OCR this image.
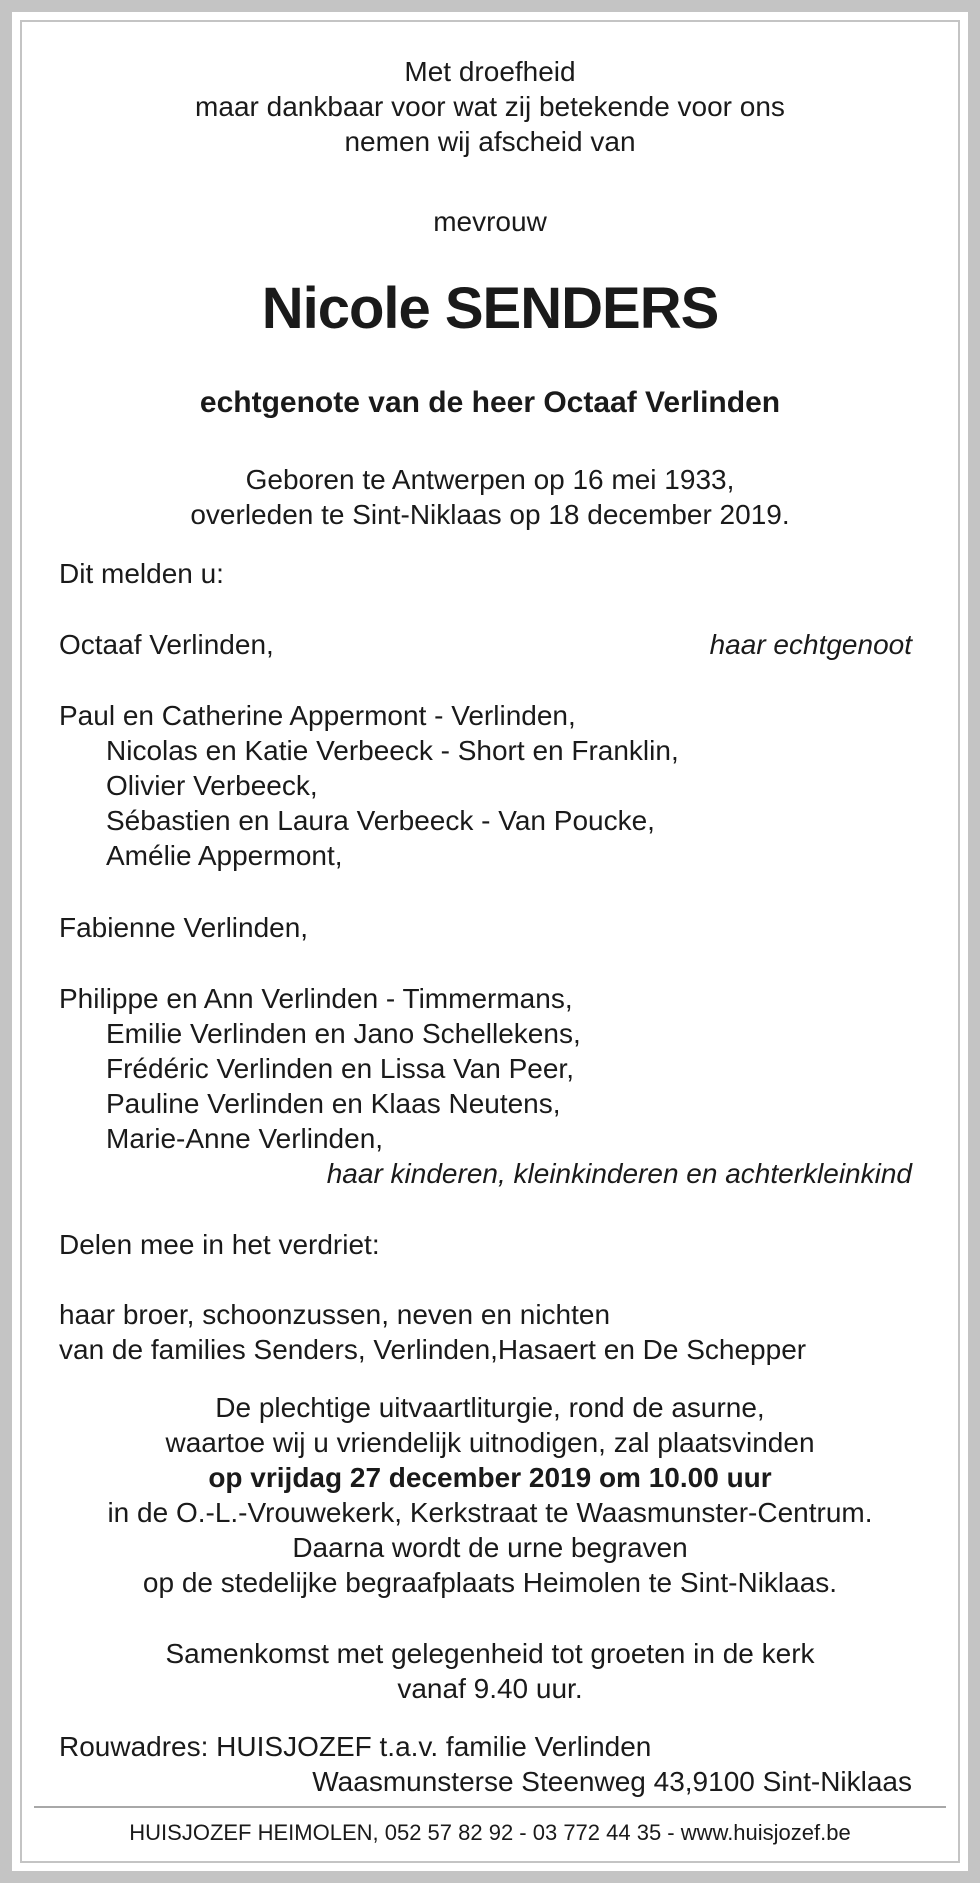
Met droefheid
maar dankbaar voor wat zij betekende voor ons
nemen wij afscheid van
mevrouw
Nicole SENDERS
echtgenote van de heer Octaaf Verlinden
Geboren te Antwerpen op 16 mei 1933,
overleden te Sint-Niklaas op 18 december 2019.
Dit melden u:
Octaaf Verlinden,	haar echtgenoot
Paul en Catherine Appermont - Verlinden,
Nicolas en Katie Verbeeck - Short en Franklin,
Olivier Verbeeck,
Sébastien en Laura Verbeeck - Van Poucke,
Amélie Appermont,
Fabienne Verlinden,
Philippe en Ann Verlinden - Timmermans,
Emilie Verlinden en Jano Schellekens,
Frédéric Verlinden en Lissa Van Peer,
Pauline Verlinden en Klaas Neutens,
Marie-Anne Verlinden,
haar kinderen, kleinkinderen en achterkleinkind
Delen mee in het verdriet:
haar broer, schoonzussen, neven en nichten
van de families Senders, Verlinden,Hasaert en De Schepper
De plechtige uitvaartliturgie, rond de asurne,
waartoe wij u vriendelijk uitnodigen, zal plaatsvinden
op vrijdag 27 december 2019 om 10.00 uur
in de O.-L.-Vrouwekerk, Kerkstraat te Waasmunster-Centrum.
Daarna wordt de urne begraven
op de stedelijke begraafplaats Heimolen te Sint-Niklaas.
Samenkomst met gelegenheid tot groeten in de kerk
vanaf 9.40 uur.
Rouwadres: HUISJOZEF t.a.v. familie Verlinden
Waasmunsterse Steenweg 43,9100 Sint-Niklaas
HUISJOZEF HEIMOLEN, 052 57 82 92 - 03 772 44 35 - www.huisjozef.be
